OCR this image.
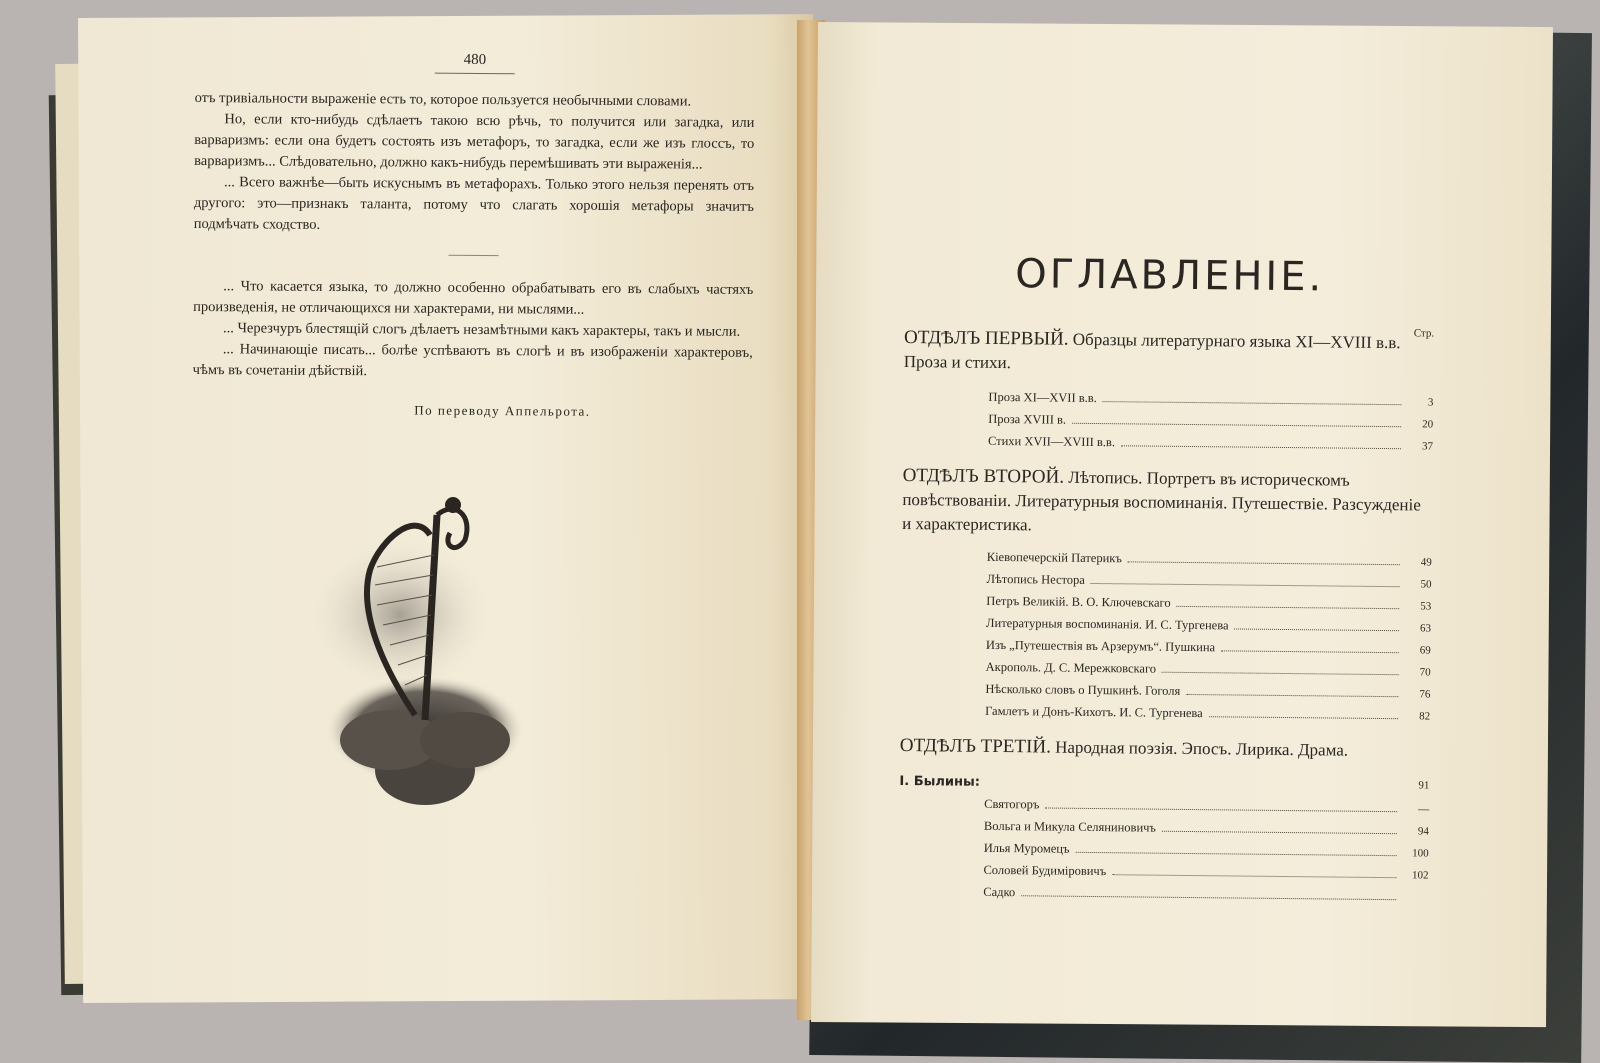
480

отъ тривіальности выраженіе есть то, которое пользуется необычными словами.

Но, если кто-нибудь сдѣлаетъ такою всю рѣчь, то получится или загадка, или варваризмъ: если она будетъ состоять изъ метафоръ, то загадка, если же изъ глоссъ, то варваризмъ... Слѣдовательно, должно какъ-нибудь перемѣшивать эти выраженія...

... Всего важнѣе—быть искуснымъ въ метафорахъ. Только этого нельзя перенять отъ другого: это—признакъ таланта, потому что слагать хорошія метафоры значитъ подмѣчать сходство.

... Что касается языка, то должно особенно обрабатывать его въ слабыхъ частяхъ произведенія, не отличающихся ни характерами, ни мыслями...

... Черезчуръ блестящій слогъ дѣлаетъ незамѣтными какъ характеры, такъ и мысли.

... Начинающіе писать... болѣе успѣваютъ въ слогѣ и въ изображеніи характеровъ, чѣмъ въ сочетаніи дѣйствій.

По переводу Аппельрота.
ОГЛАВЛЕНІЕ.
ОТДѢЛЪ ПЕРВЫЙ. Образцы литературнаго языка XI—XVIII в.в. Проза и стихи.
Стр.
Проза XI—XVII в.в.	3
Проза XVIII в.	20
Стихи XVII—XVIII в.в.	37
ОТДѢЛЪ ВТОРОЙ. Лѣтопись. Портретъ въ историческомъ повѣствованіи. Литературныя воспоминанія. Путешествіе. Разсужденіе и характеристика.
Кіевопечерскій Патерикъ	49
Лѣтопись Нестора	50
Петръ Великій. В. О. Ключевскаго	53
Литературныя воспоминанія. И. С. Тургенева	63
Изъ „Путешествія въ Арзерумъ“. Пушкина	69
Акрополь. Д. С. Мережковскаго	70
Нѣсколько словъ о Пушкинѣ. Гоголя	76
Гамлетъ и Донъ-Кихотъ. И. С. Тургенева	82
ОТДѢЛЪ ТРЕТІЙ. Народная поэзія. Эпосъ. Лирика. Драма.
I. Былины:	91
Святогоръ	—
Вольга и Микула Селяниновичъ	94
Илья Муромецъ	100
Соловей Будиміровичъ	102
Садко
